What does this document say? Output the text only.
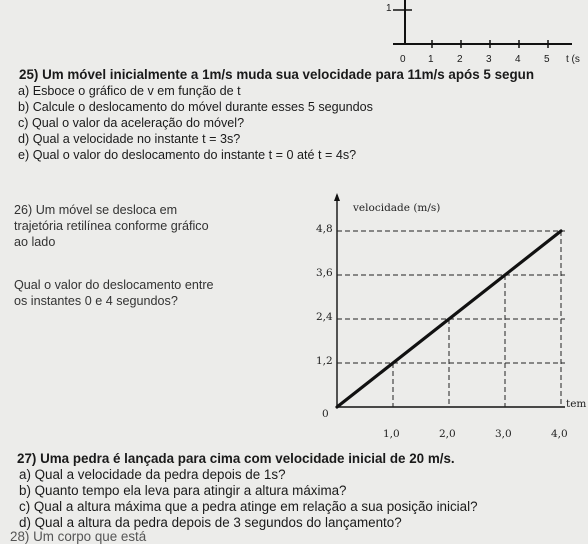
1
0 1 2 3 4 5 t (s
25) Um móvel inicialmente a 1m/s muda sua velocidade para 11m/s após 5 segun
a) Esboce o gráfico de v em função de t
b) Calcule o deslocamento do móvel durante esses 5 segundos
c) Qual o valor da aceleração do móvel?
d) Qual a velocidade no instante t = 3s?
e) Qual o valor do deslocamento do instante t = 0 até t = 4s?
26) Um móvel se desloca em
trajetória retilínea conforme gráfico
ao lado
Qual o valor do deslocamento entre
os instantes 0 e 4 segundos?
velocidade (m/s)
4,8
3,6
2,4
1,2
0
1,0	2,0	3,0	4,0
tem
27) Uma pedra é lançada para cima com velocidade inicial de 20 m/s.
a) Qual a velocidade da pedra depois de 1s?
b) Quanto tempo ela leva para atingir a altura máxima?
c) Qual a altura máxima que a pedra atinge em relação a sua posição inicial?
d) Qual a altura da pedra depois de 3 segundos do lançamento?
28) Um corpo que está
